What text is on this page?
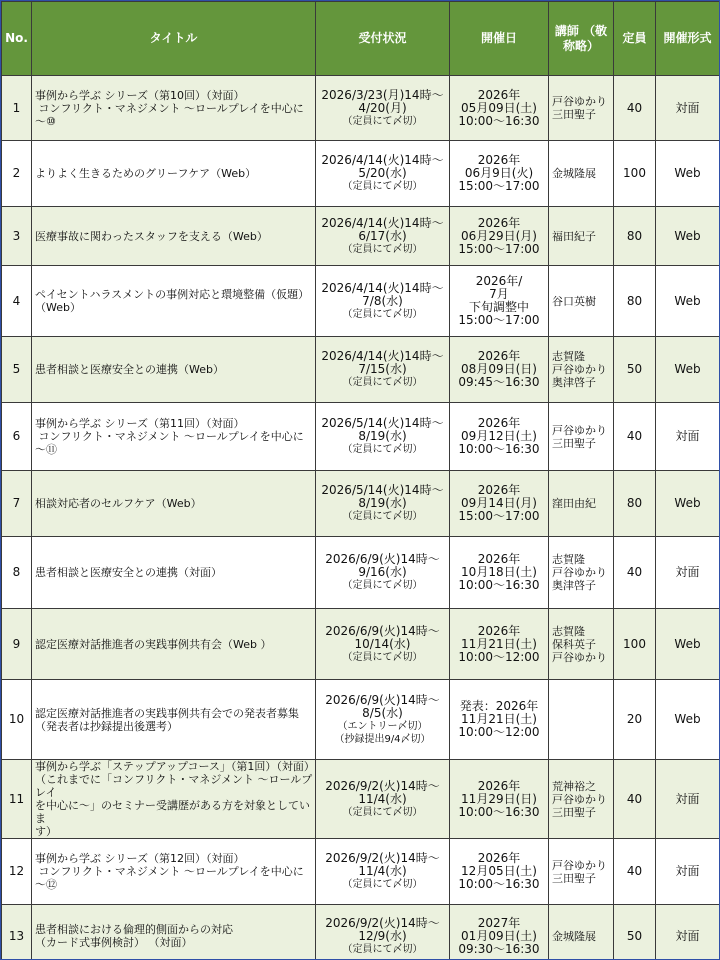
No.	タイトル	受付状況	開催日	講師 （敬称略）	定員	開催形式
1	事例から学ぶ シリーズ（第10回）（対面）
コンフリクト・マネジメント ～ロールプレイを中心に～⑩	2026/3/23(月)14時～
4/20(月)
（定員にて〆切）	2026年
05月09日(土)
10:00～16:30	戸谷ゆかり
三田聖子	40	対面
2	よりよく生きるためのグリーフケア（Web）	2026/4/14(火)14時～
5/20(水)
（定員にて〆切）	2026年
06月9日(火)
15:00～17:00	金城隆展	100	Web
3	医療事故に関わったスタッフを支える（Web）	2026/4/14(火)14時～
6/17(水)
（定員にて〆切）	2026年
06月29日(月)
15:00～17:00	福田紀子	80	Web
4	ペイセントハラスメントの事例対応と環境整備（仮題）（Web）	2026/4/14(火)14時～
7/8(水)
（定員にて〆切）	2026年/
7月
下旬調整中
15:00～17:00	谷口英樹	80	Web
5	患者相談と医療安全との連携（Web）	2026/4/14(火)14時～
7/15(水)
（定員にて〆切）	2026年
08月09日(日)
09:45～16:30	志賀隆
戸谷ゆかり
奥津啓子	50	Web
6	事例から学ぶ シリーズ（第11回）（対面）
コンフリクト・マネジメント ～ロールプレイを中心に～⑪	2026/5/14(火)14時～
8/19(水)
（定員にて〆切）	2026年
09月12日(土)
10:00～16:30	戸谷ゆかり
三田聖子	40	対面
7	相談対応者のセルフケア（Web）	2026/5/14(火)14時～
8/19(水)
（定員にて〆切）	2026年
09月14日(月)
15:00～17:00	窪田由紀	80	Web
8	患者相談と医療安全との連携（対面）	2026/6/9(火)14時～
9/16(水)
（定員にて〆切）	2026年
10月18日(土)
10:00～16:30	志賀隆
戸谷ゆかり
奥津啓子	40	対面
9	認定医療対話推進者の実践事例共有会（Web ）	2026/6/9(火)14時～
10/14(水)
（定員にて〆切）	2026年
11月21日(土)
10:00～12:00	志賀隆
保科英子
戸谷ゆかり	100	Web
10	認定医療対話推進者の実践事例共有会での発表者募集
（発表者は抄録提出後選考）	2026/6/9(火)14時～
8/5(水)
（エントリー〆切）
（抄録提出9/4〆切）	発表：2026年
11月21日(土)
10:00～12:00		20	Web
11	事例から学ぶ「ステップアップコース」（第1回）（対面）
（これまでに「コンフリクト・マネジメント ～ロールプレイ
を中心に～」のセミナー受講歴がある方を対象としていま
す）	2026/9/2(火)14時～
11/4(水)
（定員にて〆切）	2026年
11月29日(日)
10:00～16:30	荒神裕之
戸谷ゆかり
三田聖子	40	対面
12	事例から学ぶ シリーズ（第12回）（対面）
コンフリクト・マネジメント ～ロールプレイを中心に～⑫	2026/9/2(火)14時～
11/4(水)
（定員にて〆切）	2026年
12月05日(土)
10:00～16:30	戸谷ゆかり
三田聖子	40	対面
13	患者相談における倫理的側面からの対応
（カード式事例検討） （対面）	2026/9/2(火)14時～
12/9(水)
（定員にて〆切）	2027年
01月09日(土)
09:30～16:30	金城隆展	50	対面
